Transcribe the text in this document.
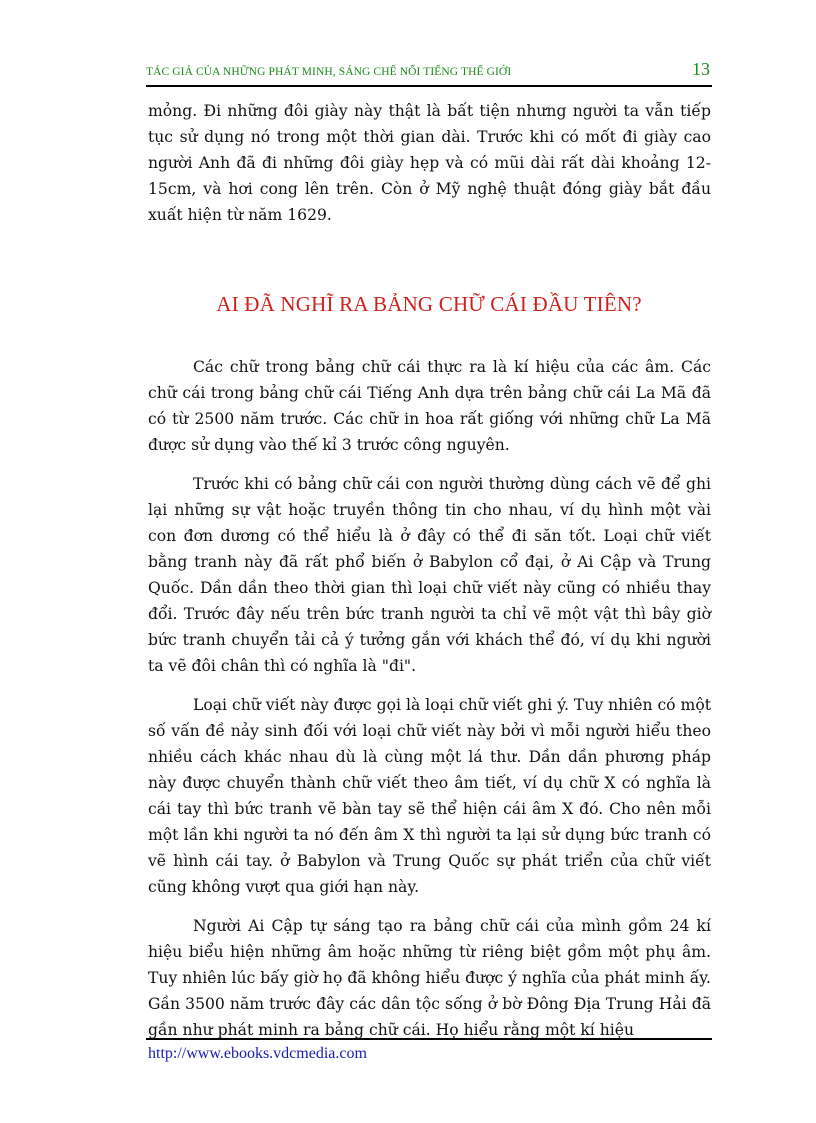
TÁC GIẢ CỦA NHỮNG PHÁT MINH, SÁNG CHẾ NỔI TIẾNG THẾ GIỚI	13
mỏng. Đi những đôi giày này thật là bất tiện nhưng người ta vẫn tiếp tục sử dụng nó trong một thời gian dài. Trước khi có mốt đi giày cao người Anh đã đi những đôi giày hẹp và có mũi dài rất dài khoảng 12-15cm, và hơi cong lên trên. Còn ở Mỹ nghệ thuật đóng giày bắt đầu xuất hiện từ năm 1629.
AI ĐÃ NGHĨ RA BẢNG CHỮ CÁI ĐẦU TIÊN?

Các chữ trong bảng chữ cái thực ra là kí hiệu của các âm. Các chữ cái trong bảng chữ cái Tiếng Anh dựa trên bảng chữ cái La Mã đã có từ 2500 năm trước. Các chữ in hoa rất giống với những chữ La Mã được sử dụng vào thế kỉ 3 trước công nguyên.

Trước khi có bảng chữ cái con người thường dùng cách vẽ để ghi lại những sự vật hoặc truyền thông tin cho nhau, ví dụ hình một vài con đơn dương có thể hiểu là ở đây có thể đi săn tốt. Loại chữ viết bằng tranh này đã rất phổ biến ở Babylon cổ đại, ở Ai Cập và Trung Quốc. Dần dần theo thời gian thì loại chữ viết này cũng có nhiều thay đổi. Trước đây nếu trên bức tranh người ta chỉ vẽ một vật thì bây giờ bức tranh chuyển tải cả ý tưởng gắn với khách thể đó, ví dụ khi người ta vẽ đôi chân thì có nghĩa là "đi".

Loại chữ viết này được gọi là loại chữ viết ghi ý. Tuy nhiên có một số vấn đề nảy sinh đối với loại chữ viết này bởi vì mỗi người hiểu theo nhiều cách khác nhau dù là cùng một lá thư. Dần dần phương pháp này được chuyển thành chữ viết theo âm tiết, ví dụ chữ X có nghĩa là cái tay thì bức tranh vẽ bàn tay sẽ thể hiện cái âm X đó. Cho nên mỗi một lần khi người ta nó đến âm X thì người ta lại sử dụng bức tranh có vẽ hình cái tay. ở Babylon và Trung Quốc sự phát triển của chữ viết cũng không vượt qua giới hạn này.

Người Ai Cập tự sáng tạo ra bảng chữ cái của mình gồm 24 kí hiệu biểu hiện những âm hoặc những từ riêng biệt gồm một phụ âm. Tuy nhiên lúc bấy giờ họ đã không hiểu được ý nghĩa của phát minh ấy. Gần 3500 năm trước đây các dân tộc sống ở bờ Đông Địa Trung Hải đã gần như phát minh ra bảng chữ cái. Họ hiểu rằng một kí hiệu

http://www.ebooks.vdcmedia.com
